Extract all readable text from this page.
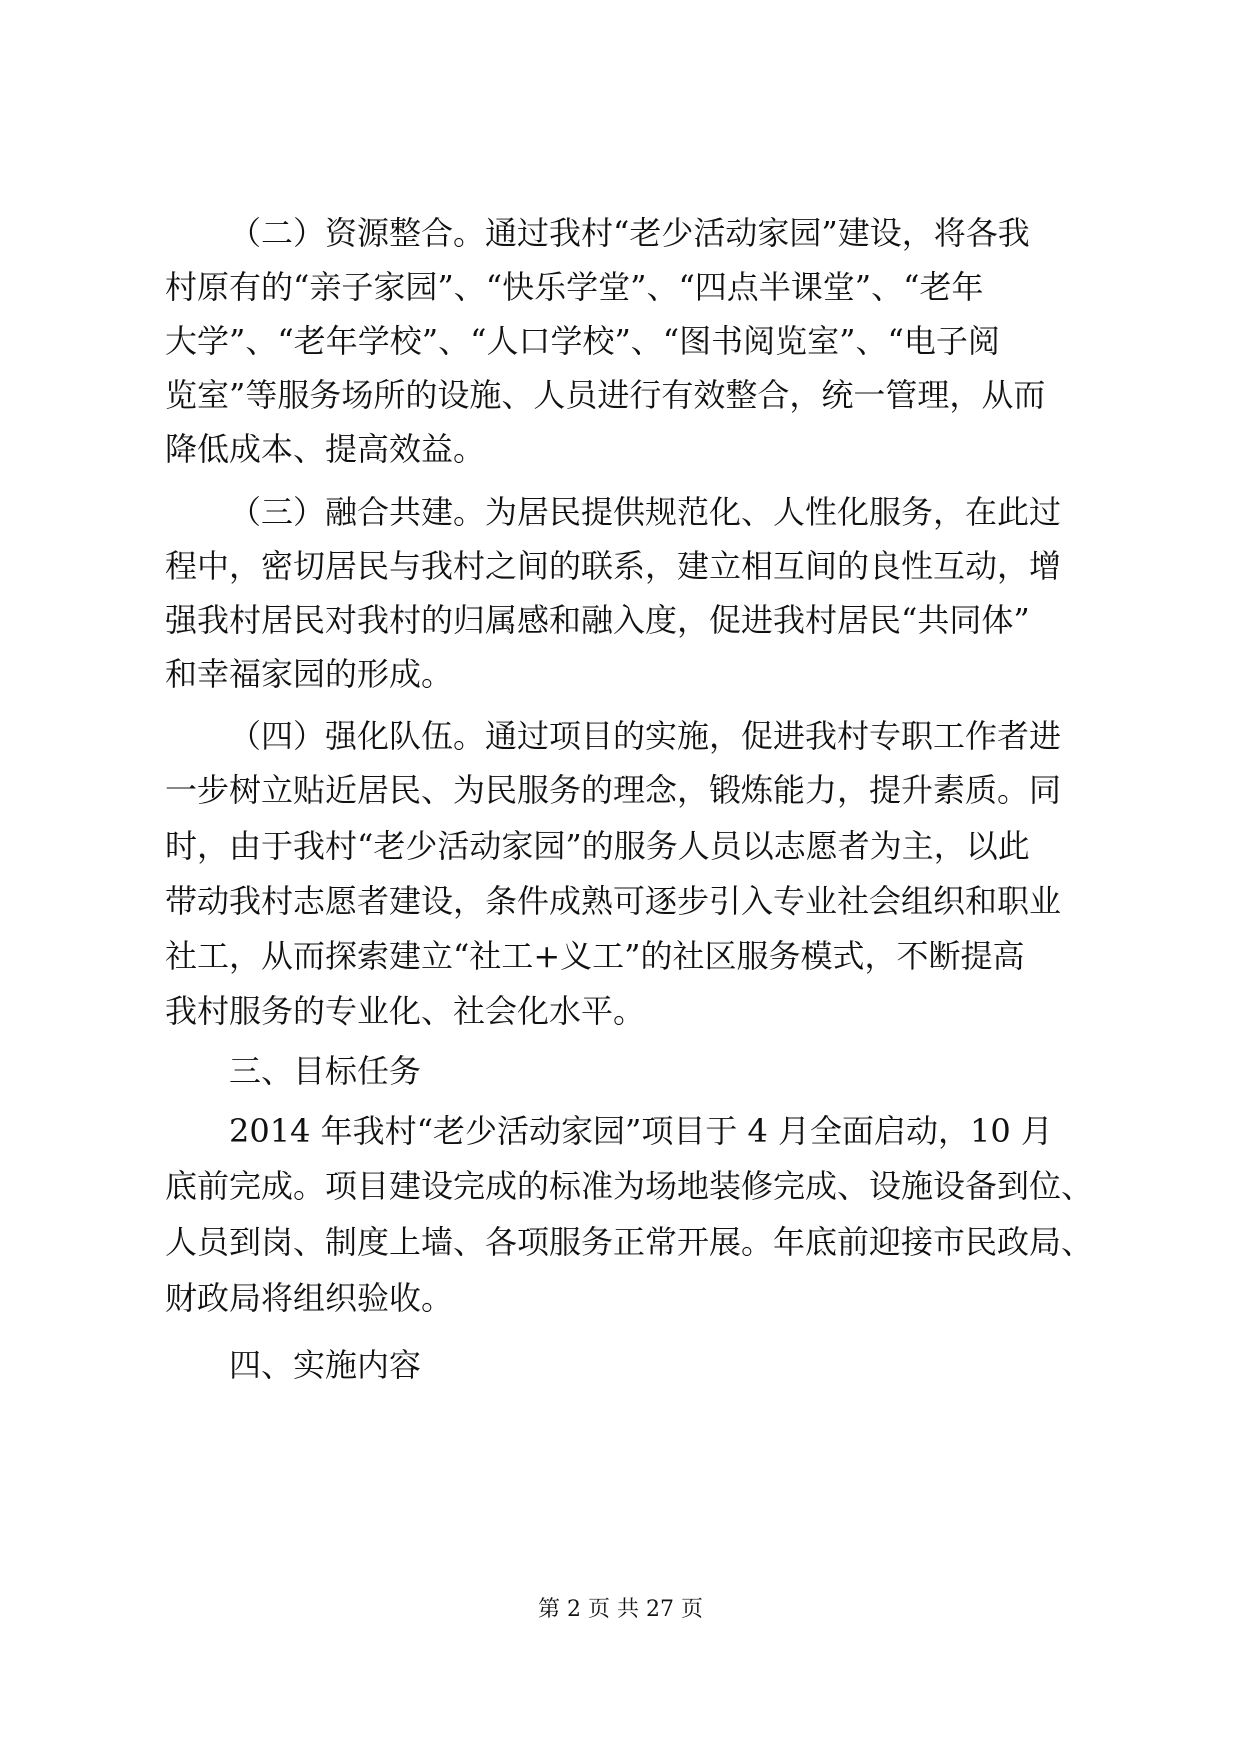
（二）资源整合。通过我村“老少活动家园”建设，将各我
村原有的“亲子家园”、“快乐学堂”、“四点半课堂”、“老年
大学”、“老年学校”、“人口学校”、“图书阅览室”、“电子阅
览室”等服务场所的设施、人员进行有效整合，统一管理，从而
降低成本、提高效益。
（三）融合共建。为居民提供规范化、人性化服务，在此过
程中，密切居民与我村之间的联系，建立相互间的良性互动，增
强我村居民对我村的归属感和融入度，促进我村居民“共同体”
和幸福家园的形成。
（四）强化队伍。通过项目的实施，促进我村专职工作者进
一步树立贴近居民、为民服务的理念，锻炼能力，提升素质。同
时，由于我村“老少活动家园”的服务人员以志愿者为主，以此
带动我村志愿者建设，条件成熟可逐步引入专业社会组织和职业
社工，从而探索建立“社工+义工”的社区服务模式，不断提高
我村服务的专业化、社会化水平。
三、目标任务
2014 年我村“老少活动家园”项目于 4 月全面启动，10 月
底前完成。项目建设完成的标准为场地装修完成、设施设备到位、
人员到岗、制度上墙、各项服务正常开展。年底前迎接市民政局、
财政局将组织验收。
四、实施内容
第 2 页 共 27 页
